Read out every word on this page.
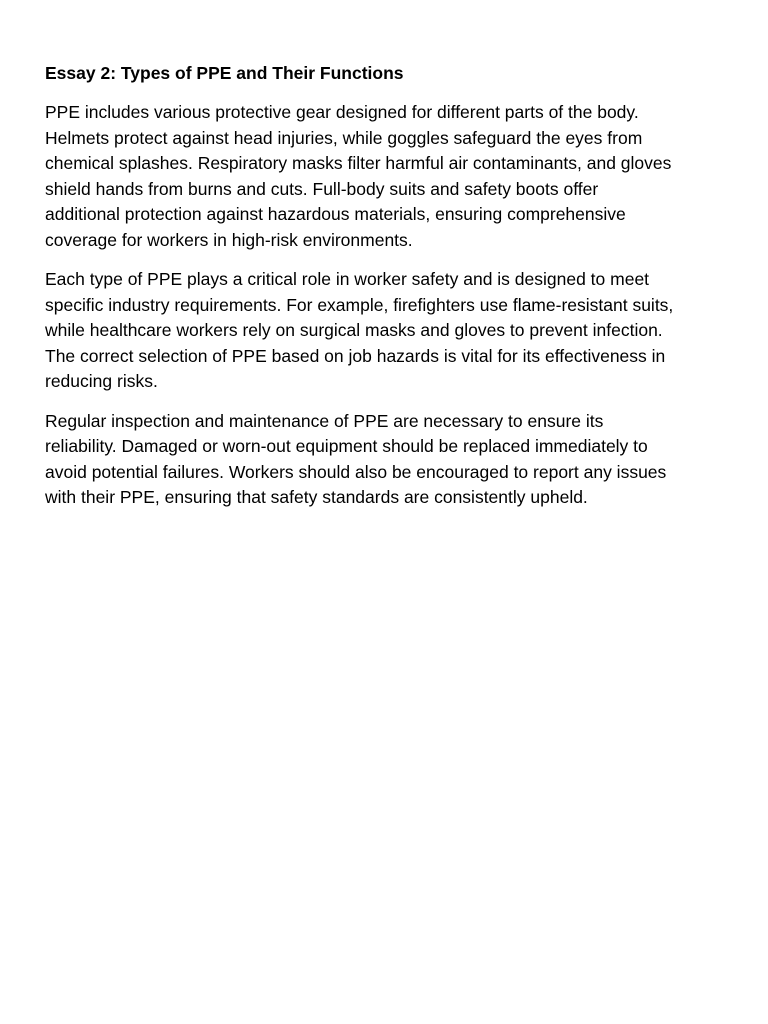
Essay 2: Types of PPE and Their Functions

PPE includes various protective gear designed for different parts of the body.
Helmets protect against head injuries, while goggles safeguard the eyes from
chemical splashes. Respiratory masks filter harmful air contaminants, and gloves
shield hands from burns and cuts. Full-body suits and safety boots offer
additional protection against hazardous materials, ensuring comprehensive
coverage for workers in high-risk environments.

Each type of PPE plays a critical role in worker safety and is designed to meet
specific industry requirements. For example, firefighters use flame-resistant suits,
while healthcare workers rely on surgical masks and gloves to prevent infection.
The correct selection of PPE based on job hazards is vital for its effectiveness in
reducing risks.

Regular inspection and maintenance of PPE are necessary to ensure its
reliability. Damaged or worn-out equipment should be replaced immediately to
avoid potential failures. Workers should also be encouraged to report any issues
with their PPE, ensuring that safety standards are consistently upheld.
